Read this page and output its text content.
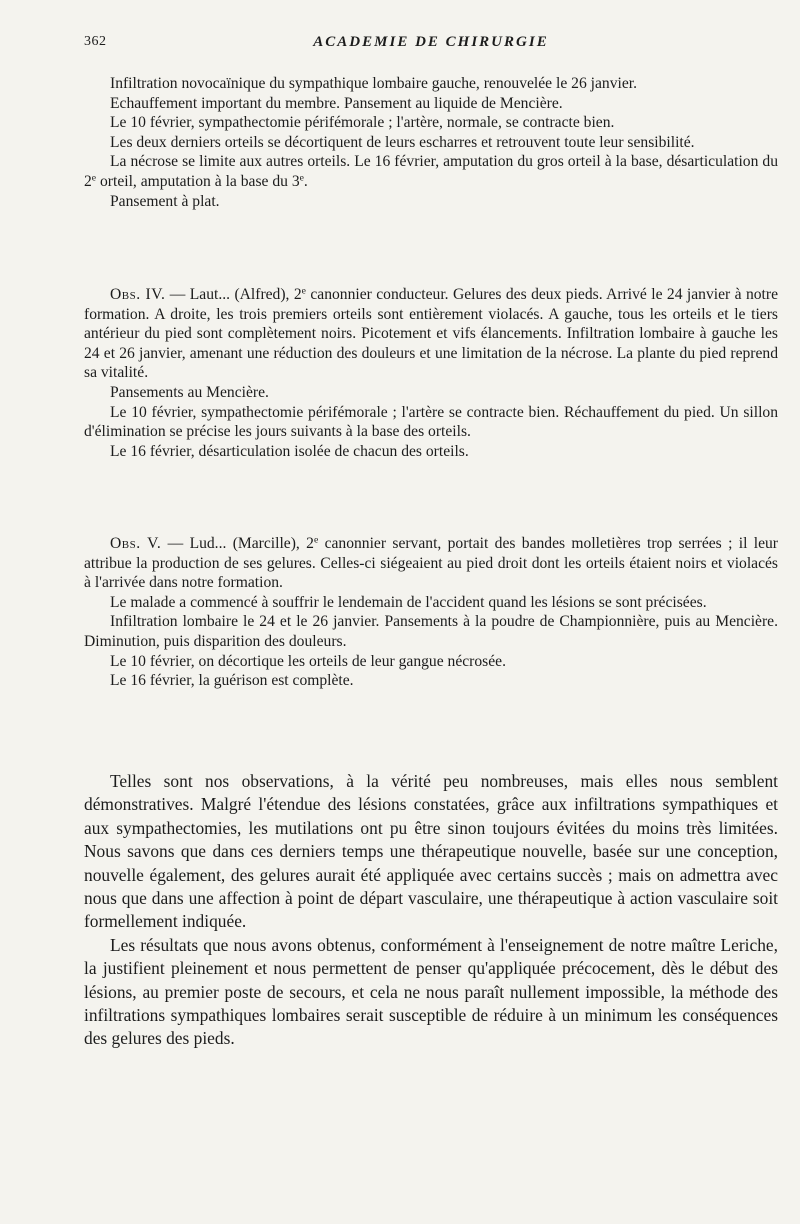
362	ACADEMIE DE CHIRURGIE

Infiltration novocaïnique du sympathique lombaire gauche, renouvelée le 26 janvier.

Echauffement important du membre. Pansement au liquide de Mencière.

Le 10 février, sympathectomie périfémorale ; l'artère, normale, se contracte bien.

Les deux derniers orteils se décortiquent de leurs escharres et retrouvent toute leur sensibilité.

La nécrose se limite aux autres orteils. Le 16 février, amputation du gros orteil à la base, désarticulation du 2e orteil, amputation à la base du 3e.

Pansement à plat.

Obs. IV. — Laut... (Alfred), 2e canonnier conducteur. Gelures des deux pieds. Arrivé le 24 janvier à notre formation. A droite, les trois premiers orteils sont entièrement violacés. A gauche, tous les orteils et le tiers antérieur du pied sont complètement noirs. Picotement et vifs élancements. Infiltration lombaire à gauche les 24 et 26 janvier, amenant une réduction des douleurs et une limitation de la nécrose. La plante du pied reprend sa vitalité.

Pansements au Mencière.

Le 10 février, sympathectomie périfémorale ; l'artère se contracte bien. Réchauffement du pied. Un sillon d'élimination se précise les jours suivants à la base des orteils.

Le 16 février, désarticulation isolée de chacun des orteils.

Obs. V. — Lud... (Marcille), 2e canonnier servant, portait des bandes molletières trop serrées ; il leur attribue la production de ses gelures. Celles-ci siégeaient au pied droit dont les orteils étaient noirs et violacés à l'arrivée dans notre formation.

Le malade a commencé à souffrir le lendemain de l'accident quand les lésions se sont précisées.

Infiltration lombaire le 24 et le 26 janvier. Pansements à la poudre de Championnière, puis au Mencière. Diminution, puis disparition des douleurs.

Le 10 février, on décortique les orteils de leur gangue nécrosée.

Le 16 février, la guérison est complète.

Telles sont nos observations, à la vérité peu nombreuses, mais elles nous semblent démonstratives. Malgré l'étendue des lésions constatées, grâce aux infiltrations sympathiques et aux sympathectomies, les mutilations ont pu être sinon toujours évitées du moins très limitées. Nous savons que dans ces derniers temps une thérapeutique nouvelle, basée sur une conception, nouvelle également, des gelures aurait été appliquée avec certains succès ; mais on admettra avec nous que dans une affection à point de départ vasculaire, une thérapeutique à action vasculaire soit formellement indiquée.

Les résultats que nous avons obtenus, conformément à l'enseignement de notre maître Leriche, la justifient pleinement et nous permettent de penser qu'appliquée précocement, dès le début des lésions, au premier poste de secours, et cela ne nous paraît nullement impossible, la méthode des infiltrations sympathiques lombaires serait susceptible de réduire à un minimum les conséquences des gelures des pieds.
